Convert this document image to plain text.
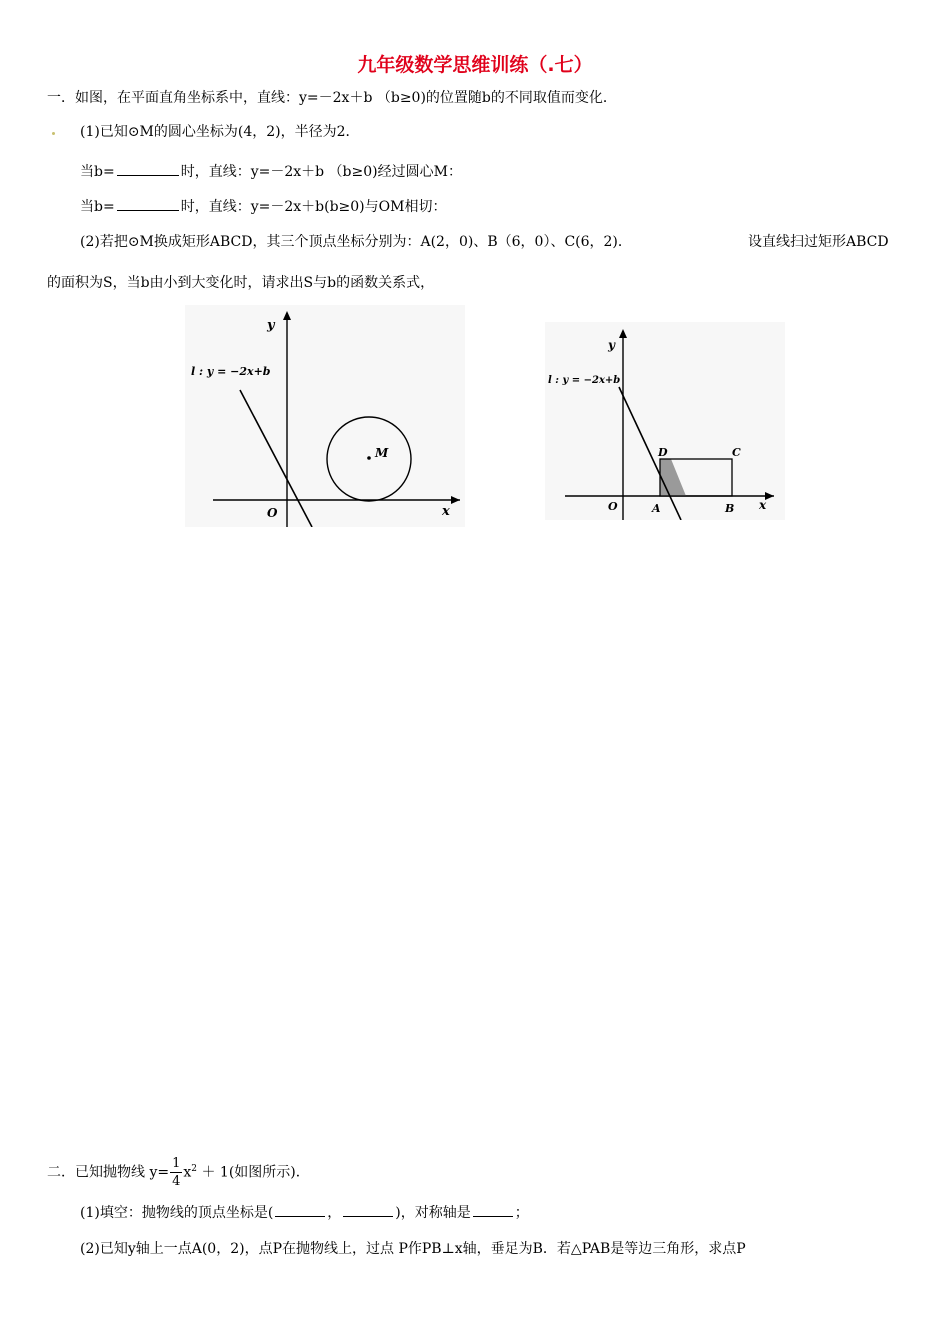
九年级数学思维训练（.七）
一．如图，在平面直角坐标系中，直线：y=－2x＋b （b≥0)的位置随b的不同取值而变化．
(1)已知⊙M的圆心坐标为(4，2)，半径为2．
当b=	时，直线：y=－2x＋b （b≥0)经过圆心M：
当b=	时，直线：y=－2x＋b(b≥0)与OM相切：
(2)若把⊙M换成矩形ABCD，其三个顶点坐标分别为：A(2，0)、B（6，0）、C(6，2)．	设直线扫过矩形ABCD
的面积为S，当b由小到大变化时，请求出S与b的函数关系式，
M
y
x
O
l : y = −2x+b
y
x
O	A	B
C
D
l : y = −2x+b
二．已知抛物线 $y= \frac{1}{4} x^2 + 1$(如图所示)．
(1)填空：抛物线的顶点坐标是(	，	)，对称轴是	；
(2)已知y轴上一点A(0，2)，点P在抛物线上，过点 P作PB⊥x轴，垂足为B．若△PAB是等边三角形，求点P
